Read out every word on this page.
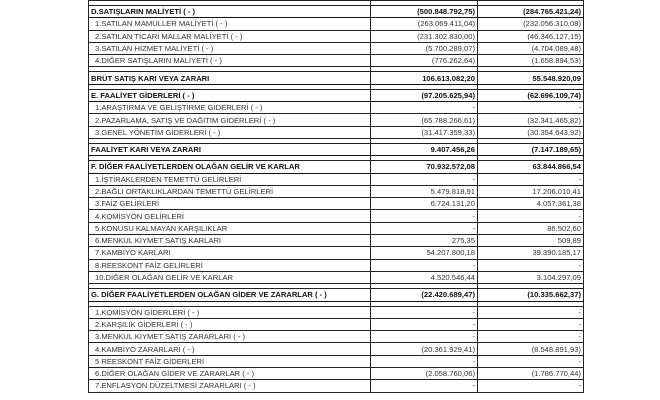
D.SATIŞLARIN MALİYETİ ( - )	(500.848.792,75)	(284.765.421,24)
1.SATILAN MAMULLER MALİYETİ ( - )	(263.069.411,04)	(232.056.310,08)
2.SATILAN TİCARİ MALLAR MALİYETİ ( - )	(231.302.830,00)	(46.346.127,15)
3.SATILAN HİZMET MALİYETİ ( - )	(5.700.289,07)	(4.704.089,48)
4.DİĞER SATIŞLARIN MALİYETİ ( - )	(776.262,64)	(1.658.894,53)

BRÜT SATIŞ KARI VEYA ZARARI	106.613.082,20	55.548.920,09

E. FAALİYET GİDERLERİ ( - )	(97.205.625,94)	(62.696.109,74)
1.ARAŞTIRMA VE GELİŞTİRME GİDERLERİ ( - )	-	-
2.PAZARLAMA, SATIŞ VE DAĞITIM GİDERLERİ ( - )	(65.788.266,61)	(32.341.465,82)
3.GENEL YÖNETİM GİDERLERİ ( - )	(31.417.359,33)	(30.354.643,92)

FAALİYET KARI VEYA ZARARI	9.407.456,26	(7.147.189,65)

F. DİĞER FAALİYETLERDEN OLAĞAN GELİR VE KARLAR	70.932.572,08	63.844.866,54
1.İŞTİRAKLERDEN TEMETTÜ GELİRLERİ	-	-
2.BAĞLI ORTAKLIKLARDAN TEMETTÜ GELİRLERİ	5.479.818,91	17.206.010,41
3.FAİZ GELİRLERİ	6.724.131,20	4.057.361,38
4.KOMİSYON GELİRLERİ	-	-
5.KONUSU KALMAYAN KARŞILIKLAR	-	86.502,60
6.MENKUL KIYMET SATIŞ KARLARI	275,35	509,89
7.KAMBİYO KARLARI	54.207.800,18	39.390.185,17
8.REESKONT FAİZ GELİRLERİ	-	-
10.DİĞER OLAĞAN GELİR VE KARLAR	4.520.546,44	3.104.297,09

G. DİĞER FAALİYETLERDEN OLAĞAN GİDER VE ZARARLAR ( - )	(22.420.689,47)	(10.335.662,37)

1.KOMİSYON GİDERLERİ ( - )	-	-
2.KARŞILIK GİDERLERİ ( - )	-	-
3.MENKUL KIYMET SATIŞ ZARARLARI ( - )	-	-
4.KAMBİYO ZARARLARI ( - )	(20.361.929,41)	(8.548.891,93)
5 REESKONT FAİZ GİDERLERİ	-	-
6.DİĞER OLAĞAN GİDER VE ZARARLAR ( - )	(2.058.760,06)	(1.786.770,44)
7.ENFLASYON DÜZELTMESİ ZARARLARI ( - )	-	-
